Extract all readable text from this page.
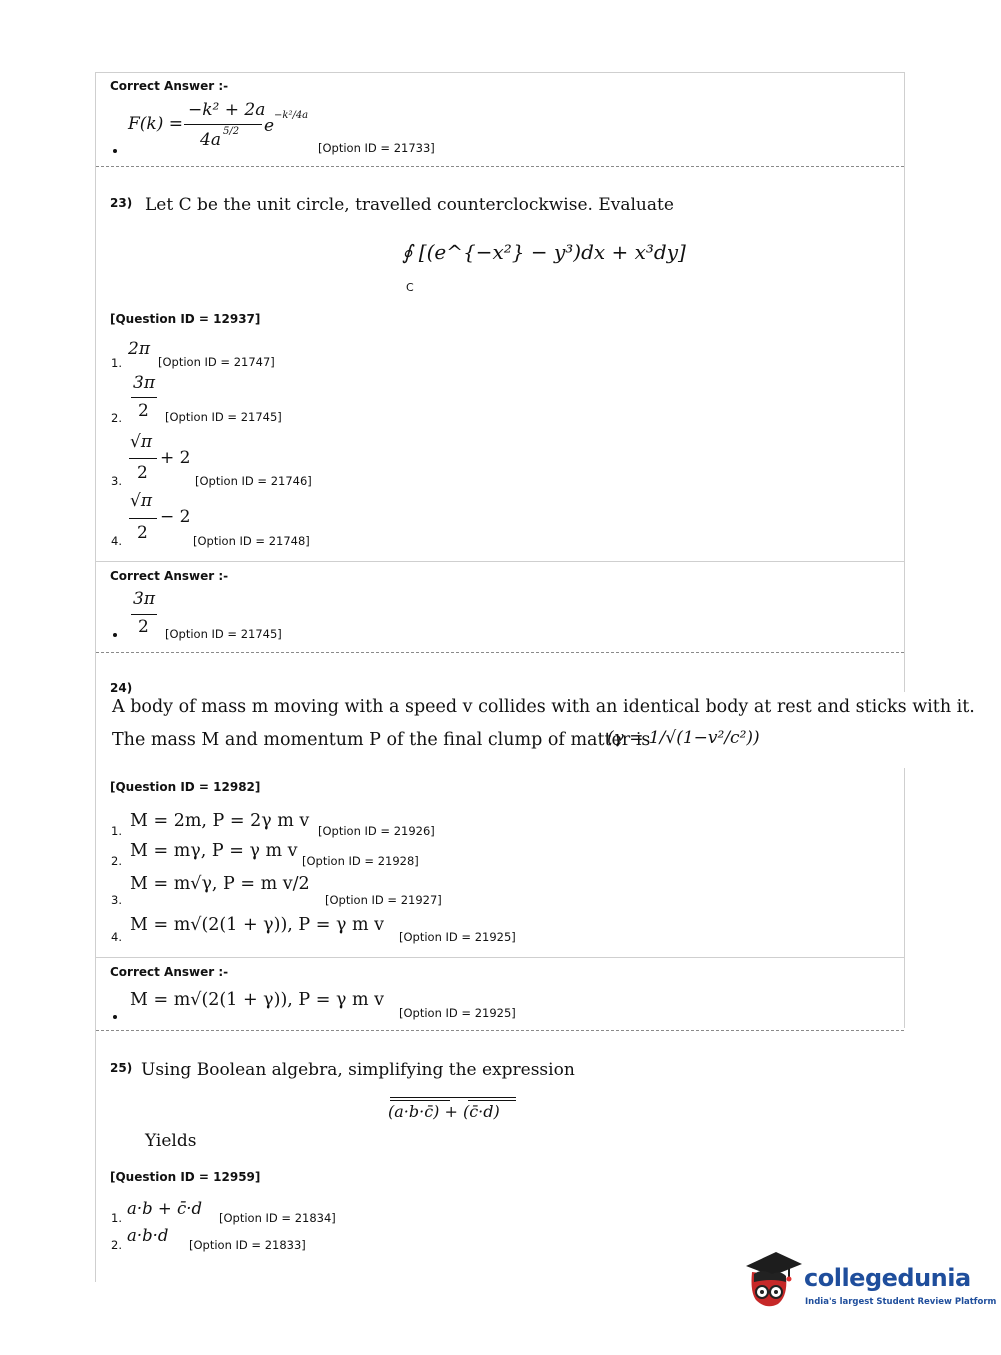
Correct Answer :-
F(k) =
−k² + 2a
4a 5/2 e
−k²/4a
[Option ID = 21733]
23) Let C be the unit circle, travelled counterclockwise. Evaluate
∮ [(e^{−x²} − y³)dx + x³dy]
C
[Question ID = 12937]
1.
2π
[Option ID = 21747]
3π
2. 2 [Option ID = 21745]
√π
+ 2
3. 2	[Option ID = 21746]
√π
− 2
4. 2	[Option ID = 21748]
Correct Answer :-
3π
2 [Option ID = 21745]
24)
A body of mass m moving with a speed v collides with an identical body at rest and sticks with it.
The mass M and momentum P of the final clump of matter is
(γ = 1/√(1−v²/c²))
[Question ID = 12982]
1. M = 2m, P = 2γ m v [Option ID = 21926]
2. M = mγ, P = γ m v [Option ID = 21928]
3.
M = m√γ, P = m v/2
[Option ID = 21927]
4.
M = m√(2(1 + γ)), P = γ m v
[Option ID = 21925]
Correct Answer :-
M = m√(2(1 + γ)), P = γ m v
[Option ID = 21925]
25) Using Boolean algebra, simplifying the expression
(a·b·c̄) + (c̄·d)
Yields
[Question ID = 12959]
1. a·b + c̄·d [Option ID = 21834]
2. a·b·d [Option ID = 21833]
collegedunia
India's largest Student Review Platform
